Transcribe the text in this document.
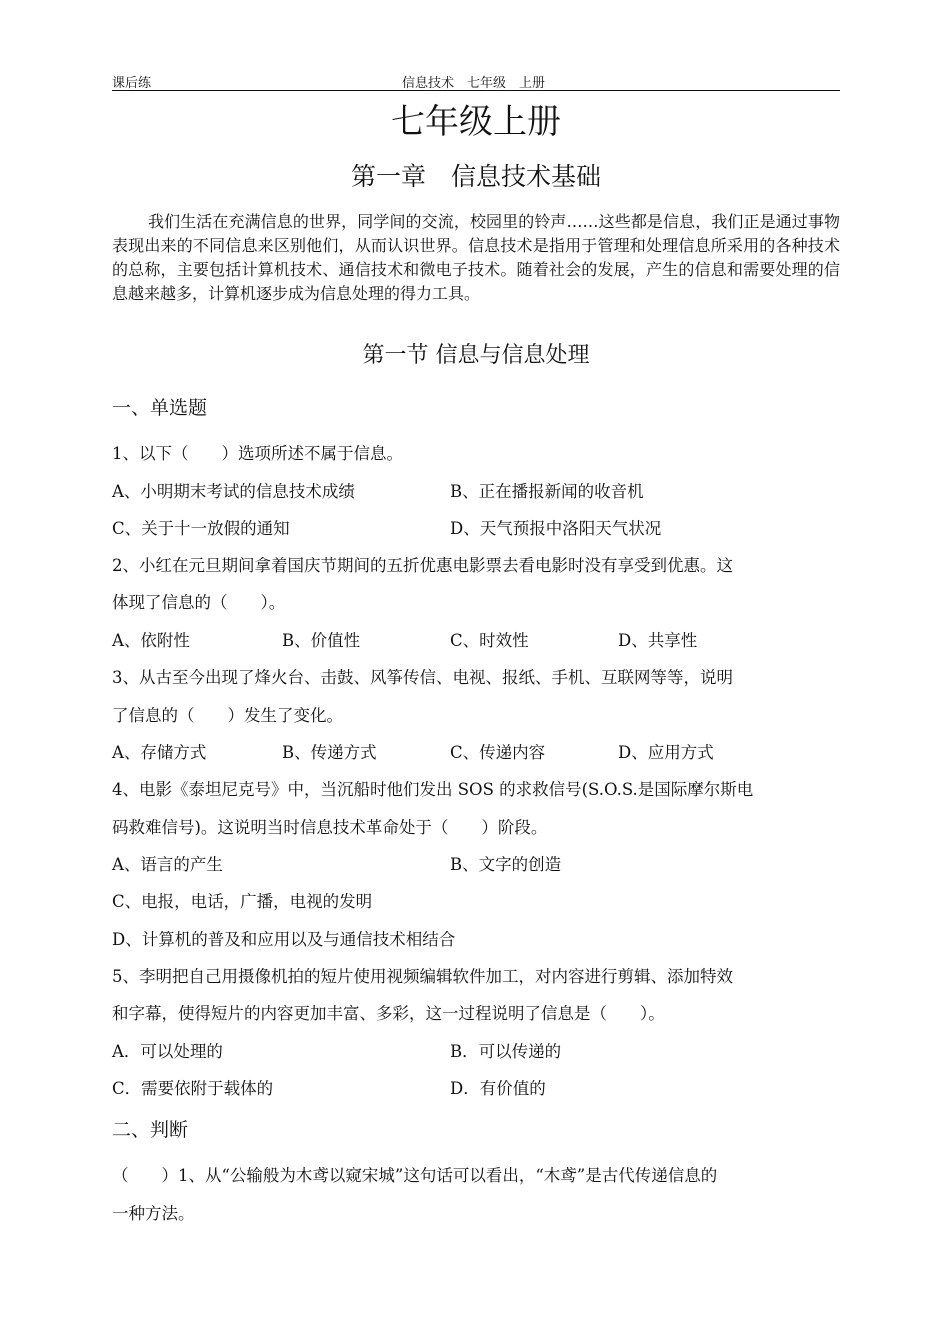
课后练	信息技术　七年级　上册
七年级上册
第一章　信息技术基础
我们生活在充满信息的世界，同学间的交流，校园里的铃声……这些都是信息，我们正是通过事物表现出来的不同信息来区别他们，从而认识世界。信息技术是指用于管理和处理信息所采用的各种技术的总称，主要包括计算机技术、通信技术和微电子技术。随着社会的发展，产生的信息和需要处理的信息越来越多，计算机逐步成为信息处理的得力工具。
第一节 信息与信息处理
一、单选题
1、以下（　　）选项所述不属于信息。
A、小明期末考试的信息技术成绩	B、正在播报新闻的收音机
C、关于十一放假的通知	D、天气预报中洛阳天气状况
2、小红在元旦期间拿着国庆节期间的五折优惠电影票去看电影时没有享受到优惠。这
体现了信息的（　　）。
A、依附性	B、价值性	C、时效性	D、共享性
3、从古至今出现了烽火台、击鼓、风筝传信、电视、报纸、手机、互联网等等，说明
了信息的（　　）发生了变化。
A、存储方式	B、传递方式	C、传递内容	D、应用方式
4、电影《泰坦尼克号》中，当沉船时他们发出 SOS 的求救信号(S.O.S.是国际摩尔斯电
码救难信号)。这说明当时信息技术革命处于（　　）阶段。
A、语言的产生	B、文字的创造
C、电报，电话，广播，电视的发明
D、计算机的普及和应用以及与通信技术相结合
5、李明把自己用摄像机拍的短片使用视频编辑软件加工，对内容进行剪辑、添加特效
和字幕，使得短片的内容更加丰富、多彩，这一过程说明了信息是（　　）。
A．可以处理的	B．可以传递的
C．需要依附于载体的	D．有价值的
二、判断
（　　）1、从“公输般为木鸢以窥宋城”这句话可以看出，“木鸢”是古代传递信息的
一种方法。
